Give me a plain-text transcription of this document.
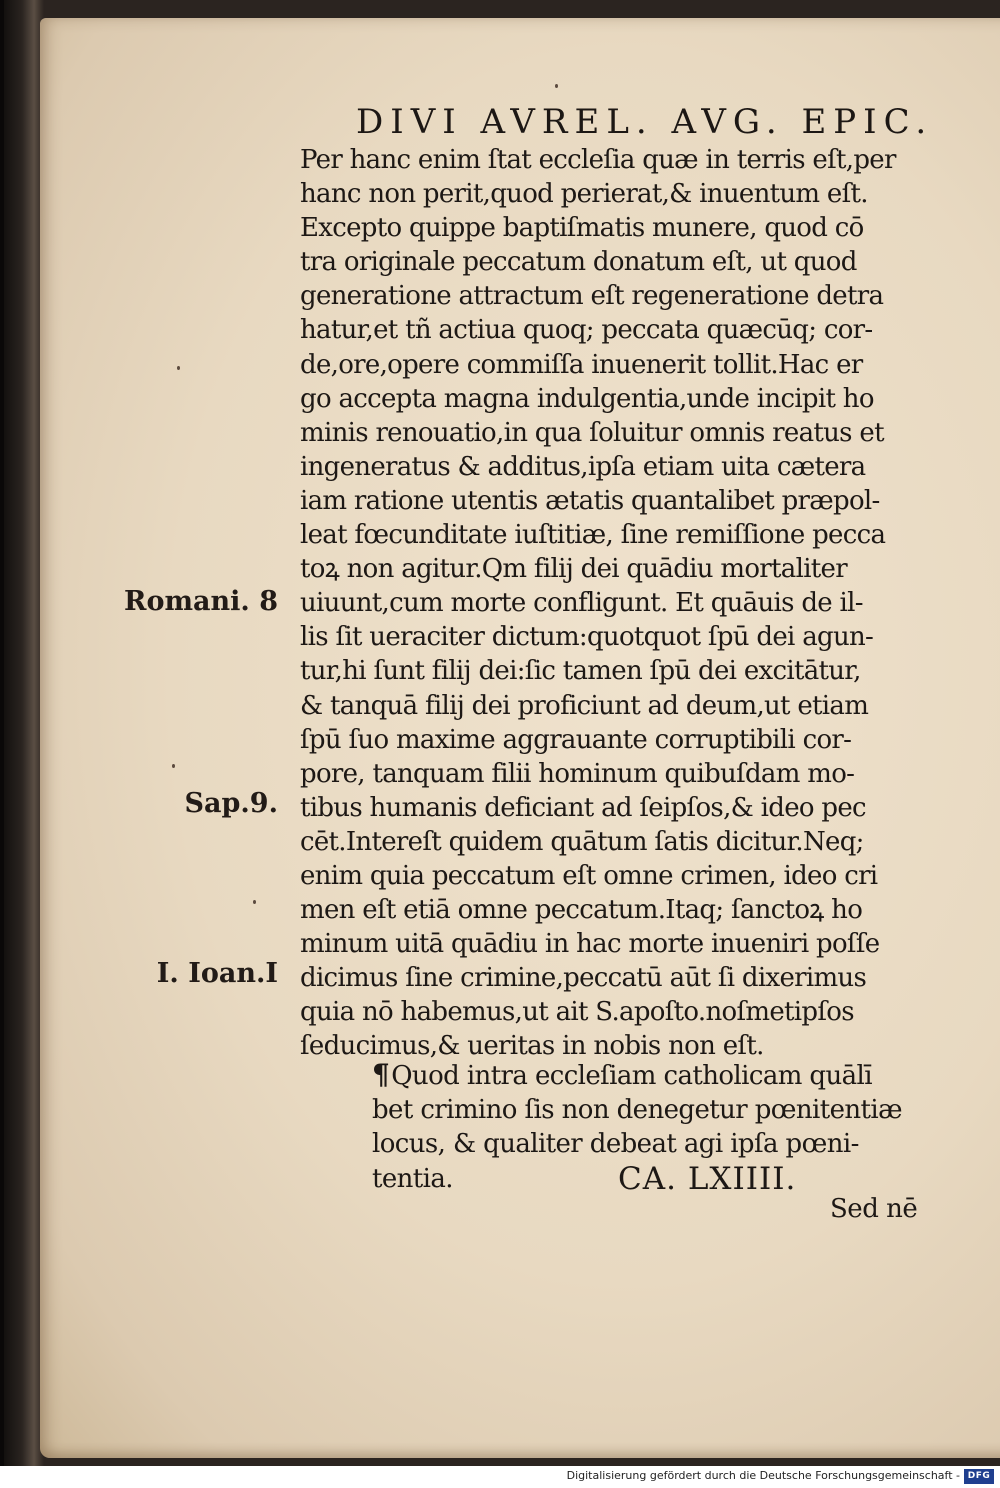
DIVI AVREL. AVG. EPIC.
Per hanc enim ſtat eccleſia quæ in terris eſt,per
hanc non perit,quod perierat,& inuentum eſt.
Excepto quippe baptiſmatis munere, quod cō
tra originale peccatum donatum eſt, ut quod
generatione attractum eſt regeneratione detra
hatur,et tñ actiua quoq; peccata quæcūq; cor-
de,ore,opere commiſſa inuenerit tollit.Hac er
go accepta magna indulgentia,unde incipit ho
minis renouatio,in qua ſoluitur omnis reatus et
ingeneratus & additus,ipſa etiam uita cætera
iam ratione utentis ætatis quantalibet præpol-
leat fœcunditate iuſtitiæ, ſine remiſſione pecca
toꝝ non agitur.Qm filij dei quādiu mortaliter
uiuunt,cum morte confligunt. Et quāuis de il-
lis ſit ueraciter dictum:quotquot ſpū dei agun-
tur,hi ſunt filij dei:ſic tamen ſpū dei excitātur,
& tanquā filij dei proficiunt ad deum,ut etiam
ſpū ſuo maxime aggrauante corruptibili cor-
pore, tanquam filii hominum quibuſdam mo-
tibus humanis deficiant ad ſeipſos,& ideo pec
cēt.Intereſt quidem quātum ſatis dicitur.Neq;
enim quia peccatum eſt omne crimen, ideo cri
men eſt etiā omne peccatum.Itaq; ſanctoꝝ ho
minum uitā quādiu in hac morte inueniri poſſe
dicimus ſine crimine,peccatū aūt ſi dixerimus
quia nō habemus,ut ait S.apoſto.noſmetipſos
ſeducimus,& ueritas in nobis non eſt.
Romani. 8
Sap.9.
I. Ioan.I
¶Quod intra eccleſiam catholicam quālī
bet crimino ſis non denegetur pœnitentiæ
locus, & qualiter debeat agi ipſa pœni-
tentia.	CA. LXIIII.
Sed nē
Digitalisierung gefördert durch die Deutsche Forschungsgemeinschaft - DFG
